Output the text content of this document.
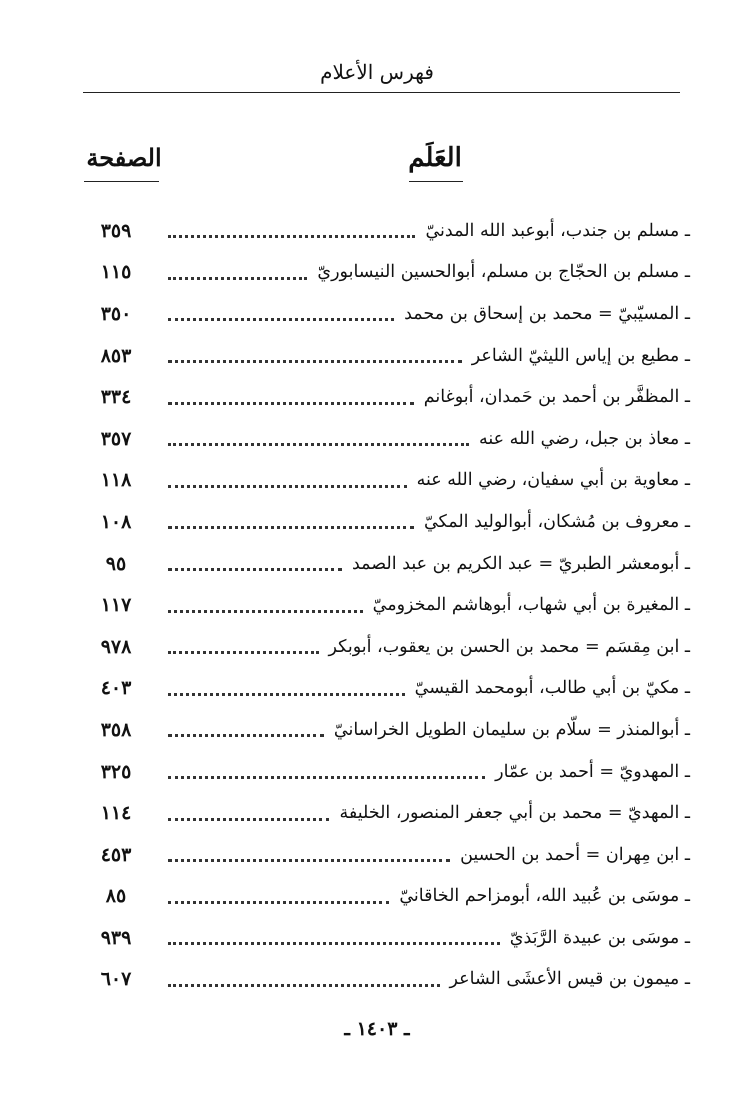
فهرس الأعلام
العَلَم
الصفحة
ـ مسلم بن جندب، أبوعبد الله المدنيّ
٣٥٩
ـ مسلم بن الحجّاج بن مسلم، أبوالحسين النيسابوريّ
١١٥
ـ المسيّبيّ = محمد بن إسحاق بن محمد
٣٥٠
ـ مطيع بن إياس الليثيّ الشاعر
٨٥٣
ـ المظفَّر بن أحمد بن حَمدان، أبوغانم
٣٣٤
ـ معاذ بن جبل، رضي الله عنه
٣٥٧
ـ معاوية بن أبي سفيان، رضي الله عنه
١١٨
ـ معروف بن مُشكان، أبوالوليد المكيّ
١٠٨
ـ أبومعشر الطبريّ = عبد الكريم بن عبد الصمد
٩٥
ـ المغيرة بن أبي شهاب، أبوهاشم المخزوميّ
١١٧
ـ ابن مِقسَم = محمد بن الحسن بن يعقوب، أبوبكر
٩٧٨
ـ مكيّ بن أبي طالب، أبومحمد القيسيّ
٤٠٣
ـ أبوالمنذر = سلّام بن سليمان الطويل الخراسانيّ
٣٥٨
ـ المهدويّ = أحمد بن عمّار
٣٢٥
ـ المهديّ = محمد بن أبي جعفر المنصور، الخليفة
١١٤
ـ ابن مِهران = أحمد بن الحسين
٤٥٣
ـ موسَى بن عُبيد الله، أبومزاحم الخاقانيّ
٨٥
ـ موسَى بن عبيدة الرَّبَذيّ
٩٣٩
ـ ميمون بن قيس الأعشَى الشاعر
٦٠٧
ـ ١٤٠٣ ـ
